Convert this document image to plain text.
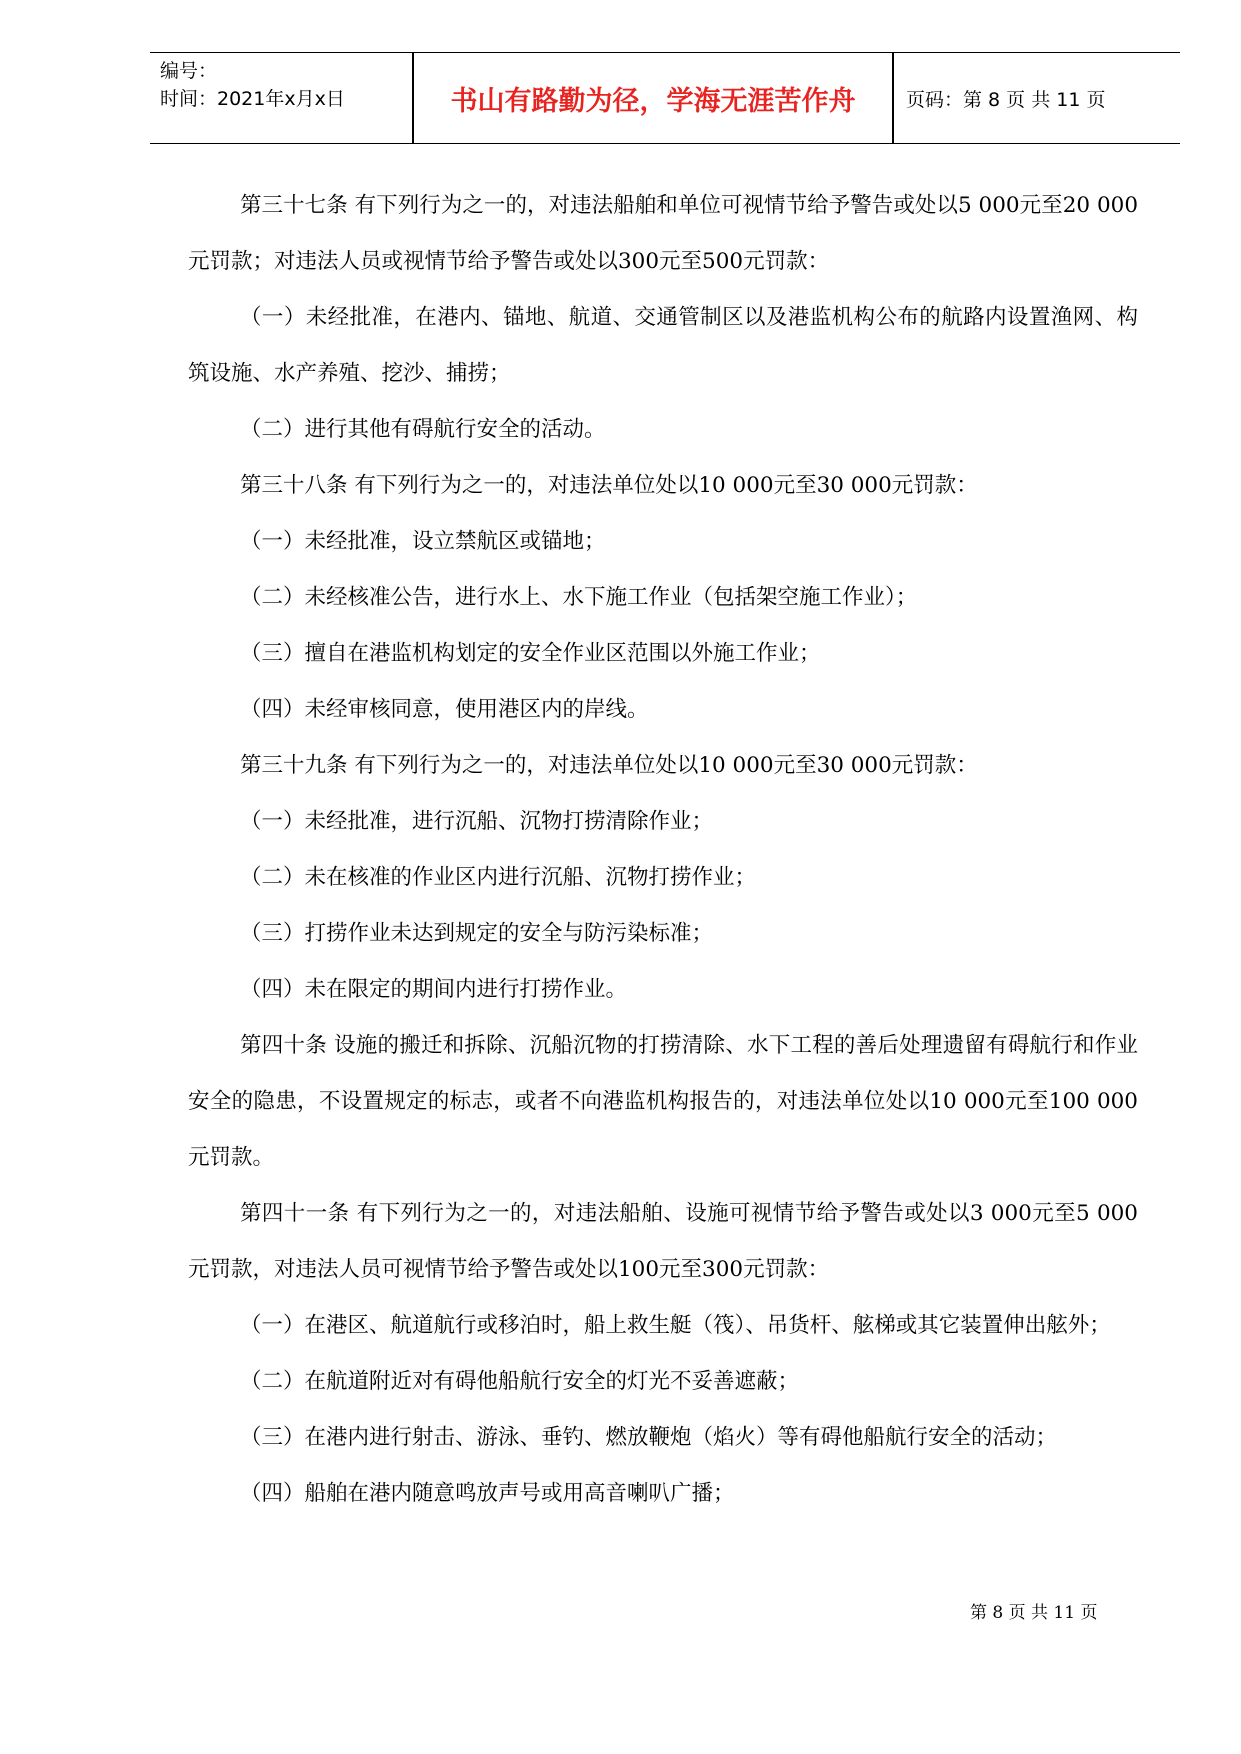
编号：
时间：2021年x月x日	书山有路勤为径，学海无涯苦作舟	页码：第 8 页 共 11 页

第三十七条 有下列行为之一的，对违法船舶和单位可视情节给予警告或处以5 000元至20 000元罚款；对违法人员或视情节给予警告或处以300元至500元罚款：

（一）未经批准，在港内、锚地、航道、交通管制区以及港监机构公布的航路内设置渔网、构筑设施、水产养殖、挖沙、捕捞；

（二）进行其他有碍航行安全的活动。

第三十八条 有下列行为之一的，对违法单位处以10 000元至30 000元罚款：

（一）未经批准，设立禁航区或锚地；

（二）未经核准公告，进行水上、水下施工作业（包括架空施工作业）；

（三）擅自在港监机构划定的安全作业区范围以外施工作业；

（四）未经审核同意，使用港区内的岸线。

第三十九条 有下列行为之一的，对违法单位处以10 000元至30 000元罚款：

（一）未经批准，进行沉船、沉物打捞清除作业；

（二）未在核准的作业区内进行沉船、沉物打捞作业；

（三）打捞作业未达到规定的安全与防污染标准；

（四）未在限定的期间内进行打捞作业。

第四十条 设施的搬迁和拆除、沉船沉物的打捞清除、水下工程的善后处理遗留有碍航行和作业安全的隐患，不设置规定的标志，或者不向港监机构报告的，对违法单位处以10 000元至100 000元罚款。

第四十一条 有下列行为之一的，对违法船舶、设施可视情节给予警告或处以3 000元至5 000元罚款，对违法人员可视情节给予警告或处以100元至300元罚款：

（一）在港区、航道航行或移泊时，船上救生艇（筏）、吊货杆、舷梯或其它装置伸出舷外；

（二）在航道附近对有碍他船航行安全的灯光不妥善遮蔽；

（三）在港内进行射击、游泳、垂钓、燃放鞭炮（焰火）等有碍他船航行安全的活动；

（四）船舶在港内随意鸣放声号或用高音喇叭广播；

第 8 页 共 11 页
